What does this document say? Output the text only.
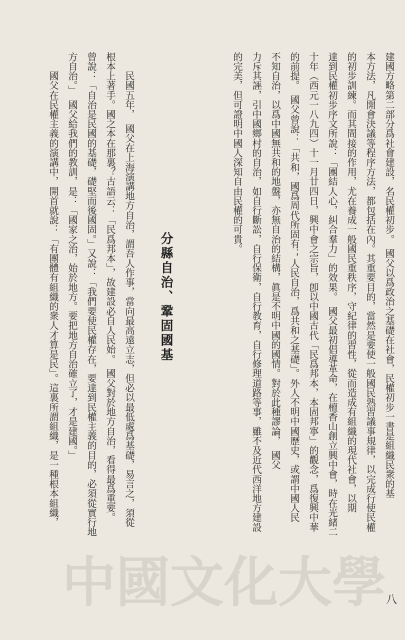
中國文化大學
建國方略第二部分爲社會建設，名民權初步。　國父以爲政治之基礎在社會，民權初步一書是組織民衆的基
本方法，凡開會決議等程序方法，都包括在內。其重要目的，當然是要使一般國民熟習議事規律，以完成行使民權
的初步訓練。而其間接的作用，尤在養成一般國民重秩序，守紀律的習性，從而造成有組織的現代社會，以期
達到民權初步序文所說：「團結人心，糾合羣力」的效果。　國父最初倡導革命，在檀香山創立興中會，時在光緒二
十年（西元一八九四）十一月廿四日，興中會之宗旨，卽以中國古代「民爲邦本，本固邦寧」的觀念，爲復興中華
的前提。　國父曾說：「共和，國爲周代所固有；人民自治，爲共和之基礎」。外人不明中國歷史，或謂中國人民
不知自治，以爲中國無共和的地盤，亦無自治的結構，眞是不明中國的國情。對於此種謬論，　國父
力斥其誣，引中國鄉村的自治，如自行斷訟，自行保衛，自行教育，自行修理道路等事，雖不及近代西洋地方建設
的完美，但可證明中國人深知自由民權的可貴。
分縣自治、鞏固國基
　　民國五年，　國父在上海演講地方自治，謂吾人作事，當向最高遠立志，但必以最低處爲基礎，易言之，須從
根本上著手。國之本在那裏？古語云：「民爲邦本」，故建設必自人民始。　國父對於地方自治，看得最爲重要。
曾說：「自治是民國的基礎，礎堅而後國固。」又說：「我們要使民權存在，要達到民權主義的目的，必須從實行地
方自治。」　國父給我們的教訓，是：「國家之治，始於地方。要把地方自治確立了，才是建國。」
　　國父在民權主義的演講中，開首就說：「有團體有組織的衆人才算是民」。這裏所謂組織，是一種根本組織，
八
